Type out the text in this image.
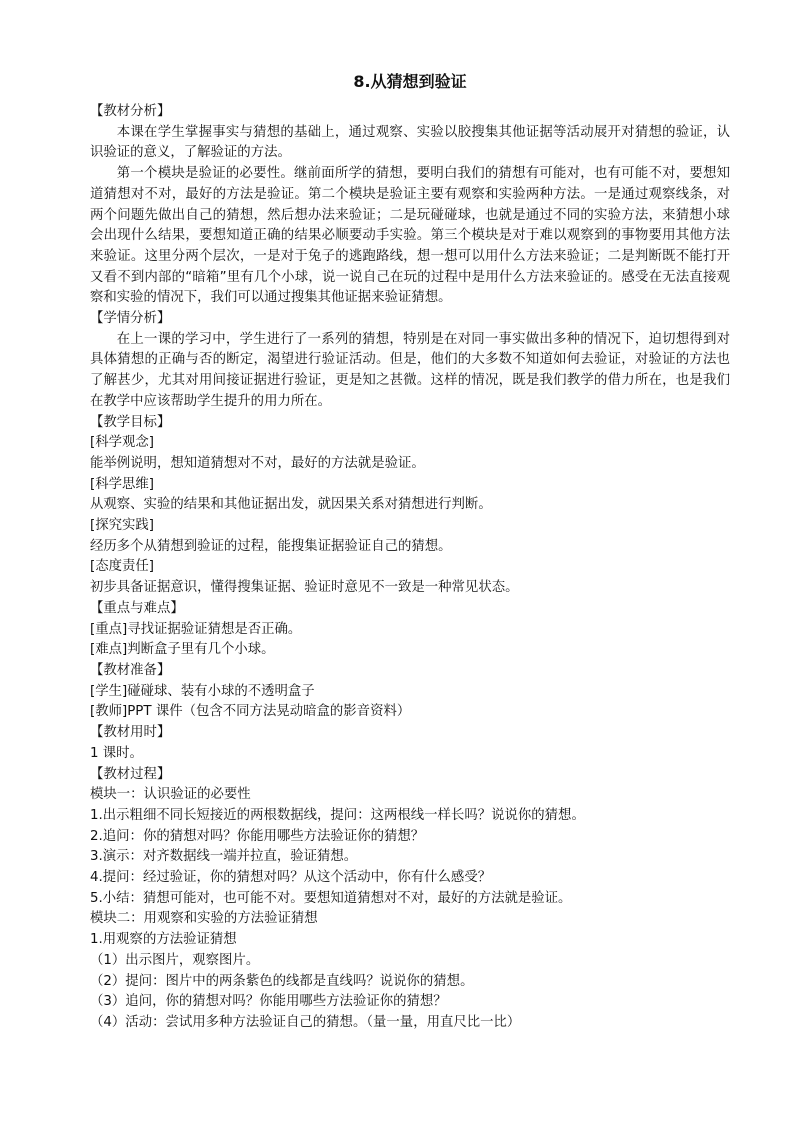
8.从猜想到验证
【教材分析】
本课在学生掌握事实与猜想的基础上，通过观察、实验以胶搜集其他证据等活动展开对猜想的验证，认识验证的意义，了解验证的方法。
第一个模块是验证的必要性。继前面所学的猜想，要明白我们的猜想有可能对，也有可能不对，要想知道猜想对不对，最好的方法是验证。第二个模块是验证主要有观察和实验两种方法。一是通过观察线条，对两个问题先做出自己的猜想，然后想办法来验证；二是玩碰碰球，也就是通过不同的实验方法，来猜想小球会出现什么结果，要想知道正确的结果必顺要动手实验。第三个模块是对于难以观察到的事物要用其他方法来验证。这里分两个层次，一是对于兔子的逃跑路线，想一想可以用什么方法来验证；二是判断既不能打开又看不到内部的“暗箱”里有几个小球，说一说自己在玩的过程中是用什么方法来验证的。感受在无法直接观察和实验的情况下，我们可以通过搜集其他证据来验证猜想。
【学情分析】
在上一课的学习中，学生进行了一系列的猜想，特别是在对同一事实做出多种的情况下，迫切想得到对具体猜想的正确与否的断定，渴望进行验证活动。但是，他们的大多数不知道如何去验证，对验证的方法也了解甚少，尤其对用间接证据进行验证，更是知之甚微。这样的情况，既是我们教学的借力所在，也是我们在教学中应该帮助学生提升的用力所在。
【教学目标】
[科学观念]
能举例说明，想知道猜想对不对，最好的方法就是验证。
[科学思维]
从观察、实验的结果和其他证据出发，就因果关系对猜想进行判断。
[探究实践]
经历多个从猜想到验证的过程，能搜集证据验证自己的猜想。
[态度责任]
初步具备证据意识，懂得搜集证据、验证时意见不一致是一种常见状态。
【重点与难点】
[重点]寻找证据验证猜想是否正确。
[难点]判断盒子里有几个小球。
【教材准备】
[学生]碰碰球、装有小球的不透明盒子
[教师]PPT 课件（包含不同方法晃动暗盒的影音资料）
【教材用时】
1 课时。
【教材过程】
模块一：认识验证的必要性
1.出示粗细不同长短接近的两根数据线，提问：这两根线一样长吗？说说你的猜想。
2.追问：你的猜想对吗？你能用哪些方法验证你的猜想？
3.演示：对齐数据线一端并拉直，验证猜想。
4.提问：经过验证，你的猜想对吗？从这个活动中，你有什么感受？
5.小结：猜想可能对，也可能不对。要想知道猜想对不对，最好的方法就是验证。
模块二：用观察和实验的方法验证猜想
1.用观察的方法验证猜想
（1）出示图片，观察图片。
（2）提问：图片中的两条紫色的线都是直线吗？说说你的猜想。
（3）追问，你的猜想对吗？你能用哪些方法验证你的猜想？
（4）活动：尝试用多种方法验证自己的猜想。（量一量，用直尺比一比）
